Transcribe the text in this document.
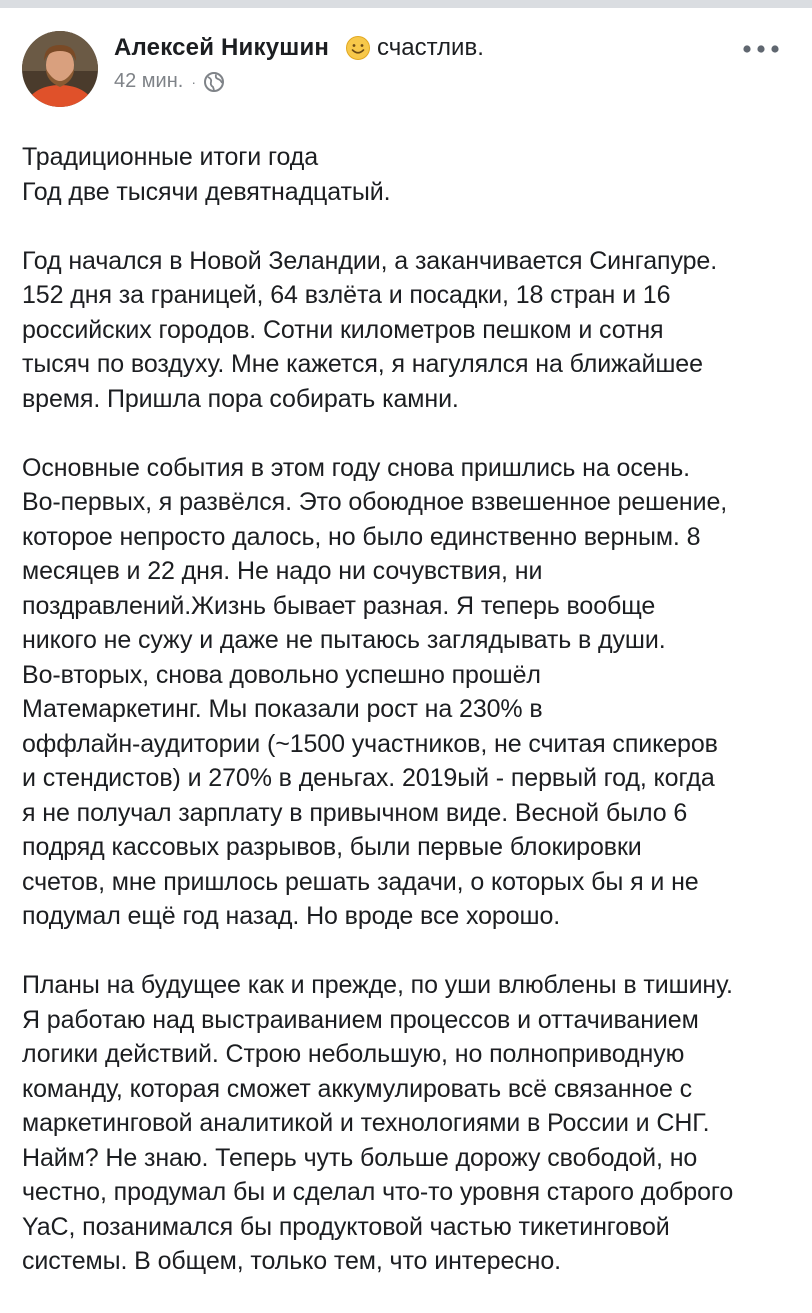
Алексей Никушин счастлив.
42 мин. ·
Традиционные итоги года
Год две тысячи девятнадцатый.
Год начался в Новой Зеландии, а заканчивается Сингапуре.
152 дня за границей, 64 взлёта и посадки, 18 стран и 16
российских городов. Сотни километров пешком и сотня
тысяч по воздуху. Мне кажется, я нагулялся на ближайшее
время. Пришла пора собирать камни.
Основные события в этом году снова пришлись на осень.
Во-первых, я развёлся. Это обоюдное взвешенное решение,
которое непросто далось, но было единственно верным. 8
месяцев и 22 дня. Не надо ни сочувствия, ни
поздравлений.Жизнь бывает разная. Я теперь вообще
никого не сужу и даже не пытаюсь заглядывать в души.
Во-вторых, снова довольно успешно прошёл
Матемаркетинг. Мы показали рост на 230% в
оффлайн-аудитории (~1500 участников, не считая спикеров
и стендистов) и 270% в деньгах. 2019ый - первый год, когда
я не получал зарплату в привычном виде. Весной было 6
подряд кассовых разрывов, были первые блокировки
счетов, мне пришлось решать задачи, о которых бы я и не
подумал ещё год назад. Но вроде все хорошо.
Планы на будущее как и прежде, по уши влюблены в тишину.
Я работаю над выстраиванием процессов и оттачиванием
логики действий. Строю небольшую, но полноприводную
команду, которая сможет аккумулировать всё связанное с
маркетинговой аналитикой и технологиями в России и СНГ.
Найм? Не знаю. Теперь чуть больше дорожу свободой, но
честно, продумал бы и сделал что-то уровня старого доброго
YaC, позанимался бы продуктовой частью тикетинговой
системы. В общем, только тем, что интересно.
